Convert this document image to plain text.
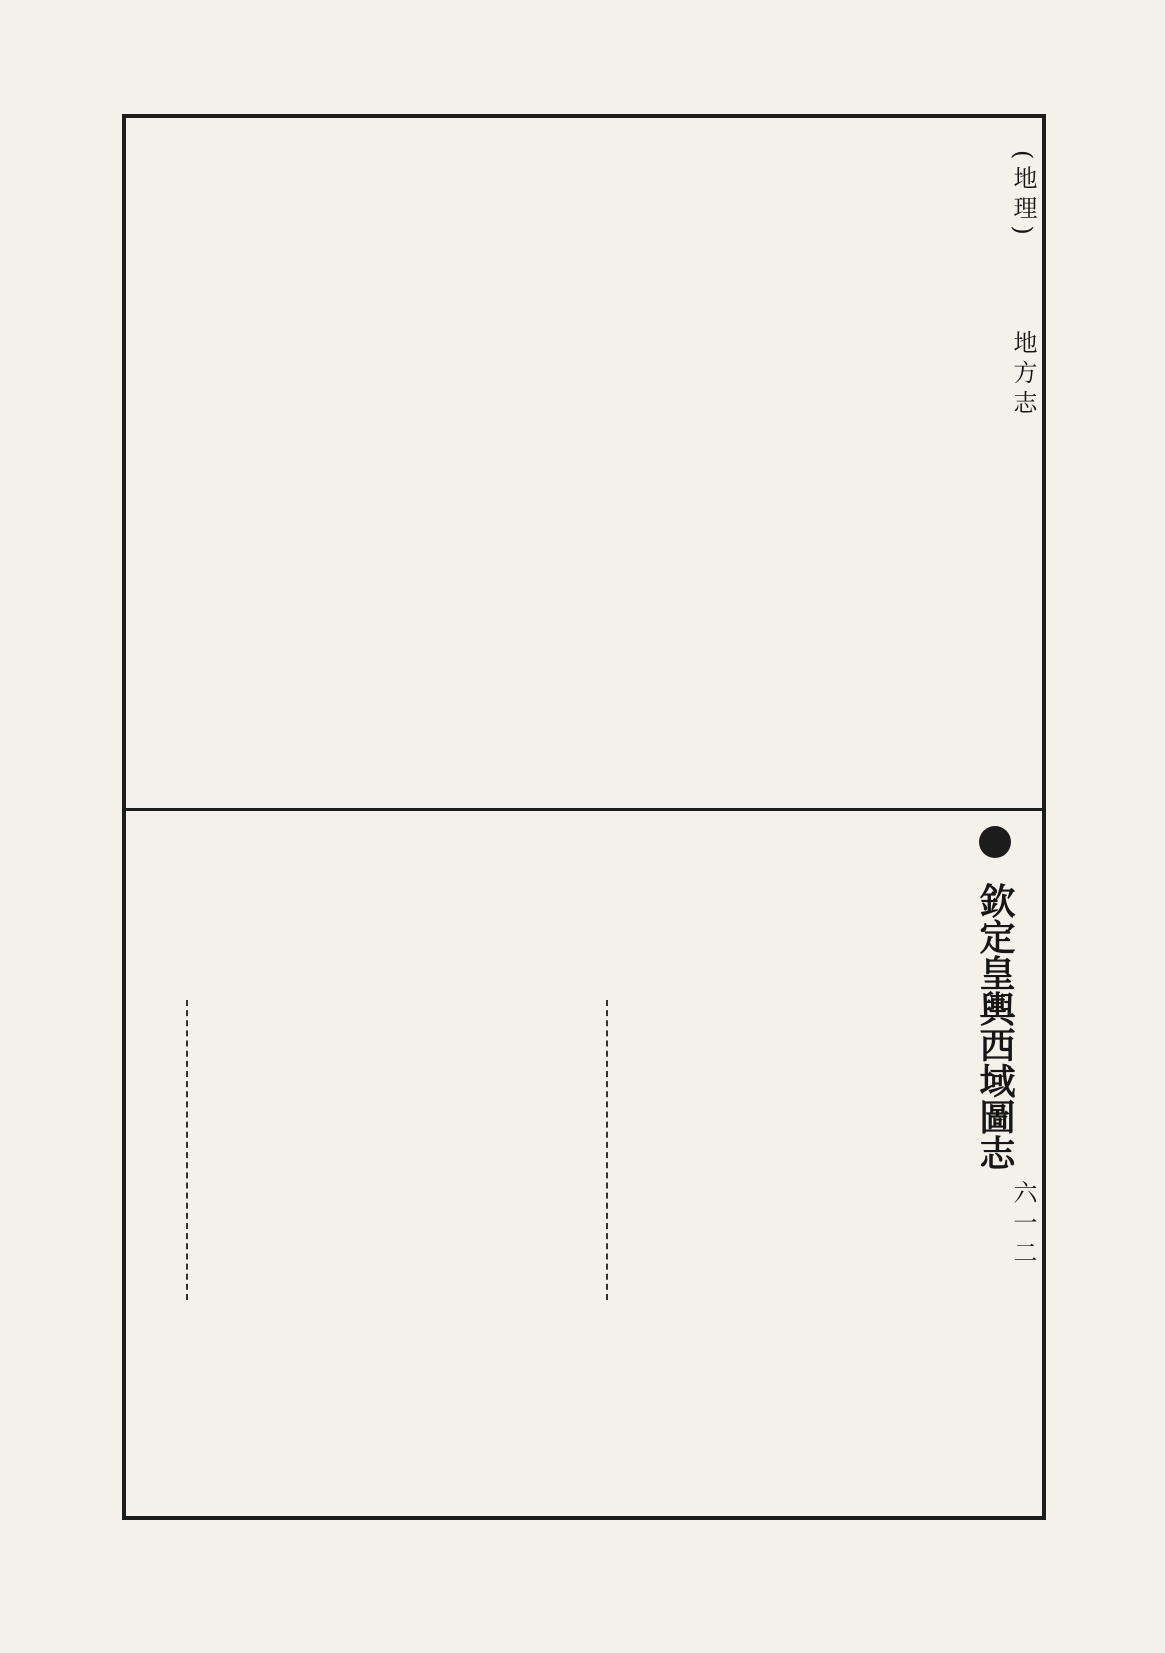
(地理)
地方志
六一二
欽定皇輿西域圖志
